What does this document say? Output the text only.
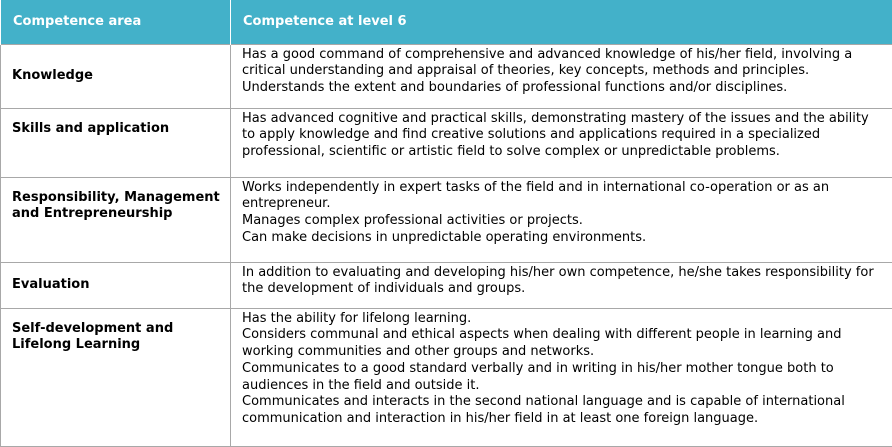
Competence area	Competence at level 6
Knowledge	Has a good command of comprehensive and advanced knowledge of his/her field, involving a critical understanding and appraisal of theories, key concepts, methods and principles.
Understands the extent and boundaries of professional functions and/or disciplines.

Skills and application	Has advanced cognitive and practical skills, demonstrating mastery of the issues and the ability to apply knowledge and find creative solutions and applications required in a specialized professional, scientific or artistic field to solve complex or unpredictable problems.

Responsibility, Management and Entrepreneurship	Works independently in expert tasks of the field and in international co-operation or as an entrepreneur.
Manages complex professional activities or projects.
Can make decisions in unpredictable operating environments.

Evaluation	In addition to evaluating and developing his/her own competence, he/she takes responsibility for the development of individuals and groups.

Self-development and Lifelong Learning	Has the ability for lifelong learning.
Considers communal and ethical aspects when dealing with different people in learning and working communities and other groups and networks.
Communicates to a good standard verbally and in writing in his/her mother tongue both to audiences in the field and outside it.
Communicates and interacts in the second national language and is capable of international communication and interaction in his/her field in at least one foreign language.
